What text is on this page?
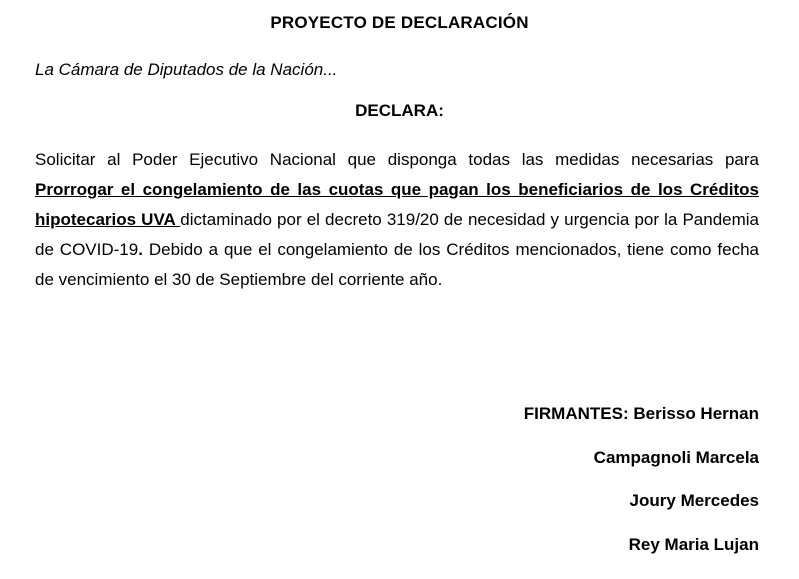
PROYECTO DE DECLARACIÓN
La Cámara de Diputados de la Nación...
DECLARA:
Solicitar al Poder Ejecutivo Nacional que disponga todas las medidas necesarias para Prorrogar el congelamiento de las cuotas que pagan los beneficiarios de los Créditos hipotecarios UVA dictaminado por el decreto 319/20 de necesidad y urgencia por la Pandemia de COVID-19. Debido a que el congelamiento de los Créditos mencionados, tiene como fecha de vencimiento el 30 de Septiembre del corriente año.
FIRMANTES: Berisso Hernan
Campagnoli Marcela
Joury Mercedes
Rey Maria Lujan
